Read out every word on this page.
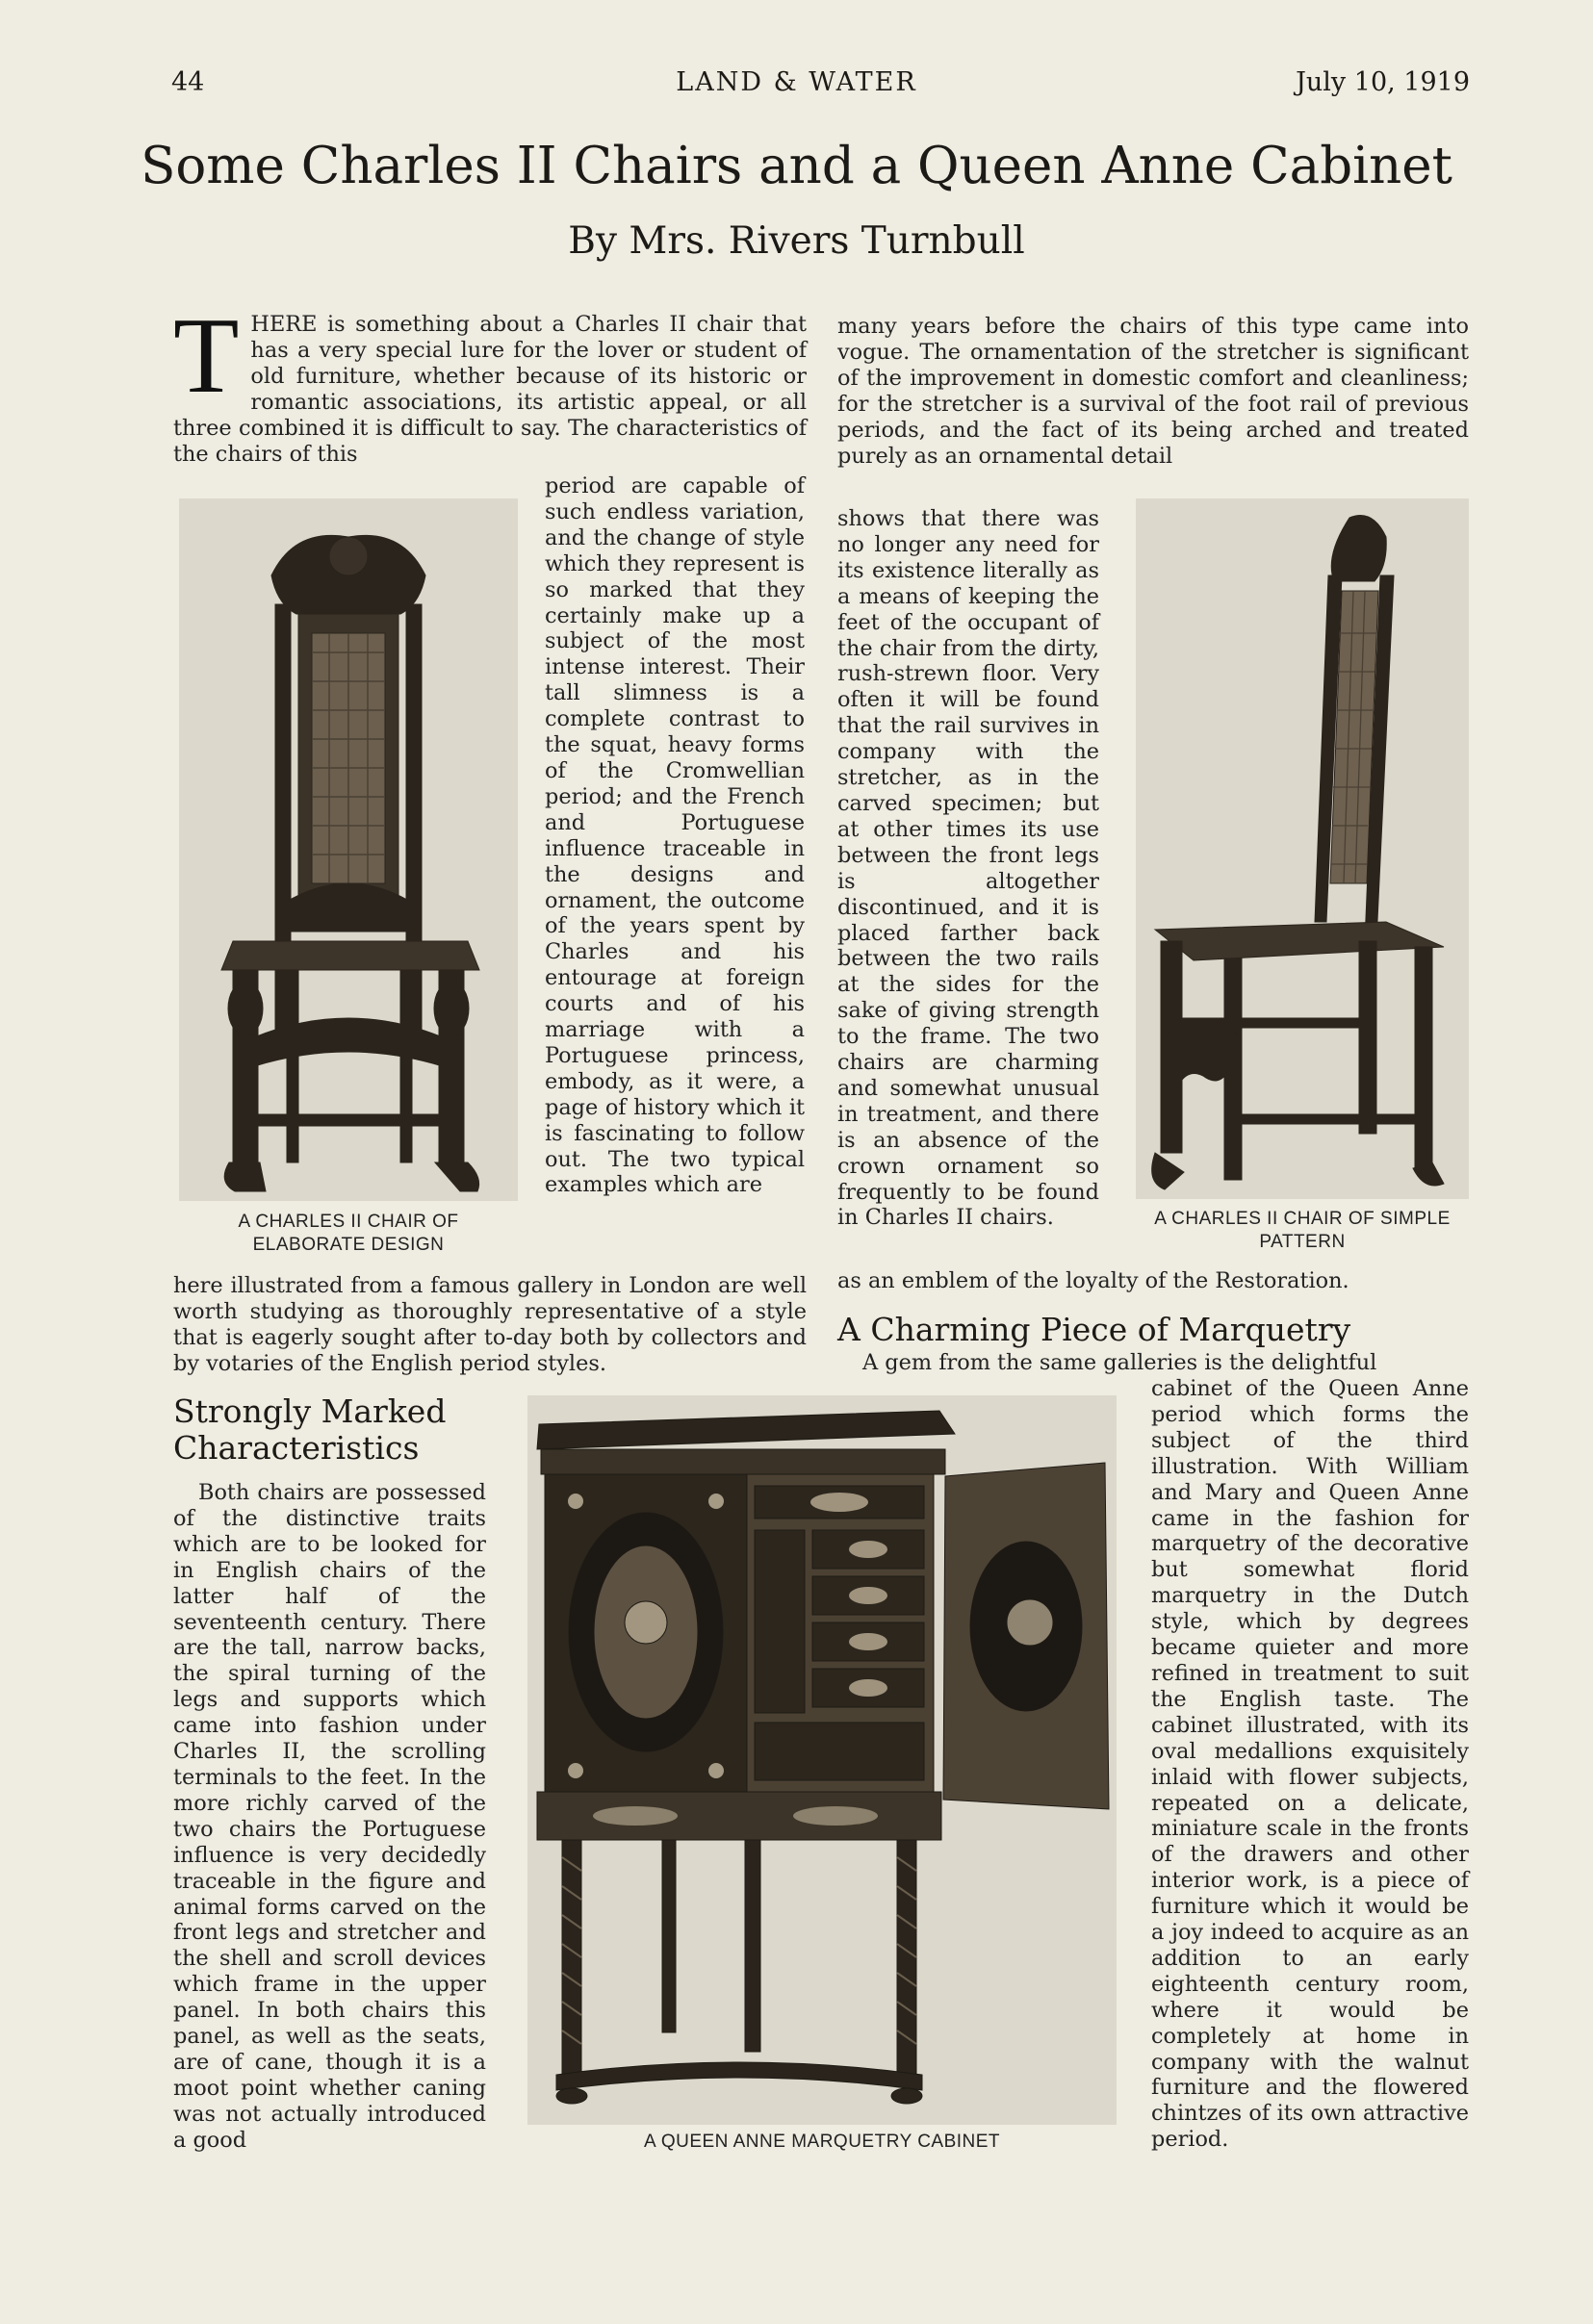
44	LAND & WATER	July 10, 1919
Some Charles II Chairs and a Queen Anne Cabinet
By Mrs. Rivers Turnbull
T HERE is something about a Charles II chair that has a very special lure for the lover or student of old furniture, whether because of its historic or romantic associations, its artistic appeal, or all three combined it is difficult to say. The characteristics of the chairs of this

A CHARLES II CHAIR OF ELABORATE DESIGN

period are capable of such endless variation, and the change of style which they represent is so marked that they certainly make up a subject of the most intense interest. Their tall slimness is a complete contrast to the squat, heavy forms of the Cromwellian period; and the French and Portuguese influence traceable in the designs and ornament, the outcome of the years spent by Charles and his entourage at foreign courts and of his marriage with a Portuguese princess, embody, as it were, a page of history which it is fascinating to follow out. The two typical examples which are

here illustrated from a famous gallery in London are well worth studying as thoroughly representative of a style that is eagerly sought after to-day both by collectors and by votaries of the English period styles.

Strongly Marked Characteristics

Both chairs are possessed of the distinctive traits which are to be looked for in English chairs of the latter half of the seventeenth century. There are the tall, narrow backs, the spiral turning of the legs and supports which came into fashion under Charles II, the scrolling terminals to the feet. In the more richly carved of the two chairs the Portuguese influence is very decidedly traceable in the figure and animal forms carved on the front legs and stretcher and the shell and scroll devices which frame in the upper panel. In both chairs this panel, as well as the seats, are of cane, though it is a moot point whether caning was not actually introduced a good

many years before the chairs of this type came into vogue. The ornamentation of the stretcher is significant of the improvement in domestic comfort and cleanliness; for the stretcher is a survival of the foot rail of previous periods, and the fact of its being arched and treated purely as an ornamental detail

shows that there was no longer any need for its existence literally as a means of keeping the feet of the occupant of the chair from the dirty, rush-strewn floor. Very often it will be found that the rail survives in company with the stretcher, as in the carved specimen; but at other times its use between the front legs is altogether discontinued, and it is placed farther back between the two rails at the sides for the sake of giving strength to the frame. The two chairs are charming and somewhat unusual in treatment, and there is an absence of the crown ornament so frequently to be found in Charles II chairs.	A CHARLES II CHAIR OF SIMPLE PATTERN

as an emblem of the loyalty of the Restoration.

A Charming Piece of Marquetry

A gem from the same galleries is the delightful

A QUEEN ANNE MARQUETRY CABINET

cabinet of the Queen Anne period which forms the subject of the third illustration. With William and Mary and Queen Anne came in the fashion for marquetry of the decorative but somewhat florid marquetry in the Dutch style, which by degrees became quieter and more refined in treatment to suit the English taste. The cabinet illustrated, with its oval medallions exquisitely inlaid with flower subjects, repeated on a delicate, miniature scale in the fronts of the drawers and other interior work, is a piece of furniture which it would be a joy indeed to acquire as an addition to an early eighteenth century room, where it would be completely at home in company with the walnut furniture and the flowered chintzes of its own attractive period.
